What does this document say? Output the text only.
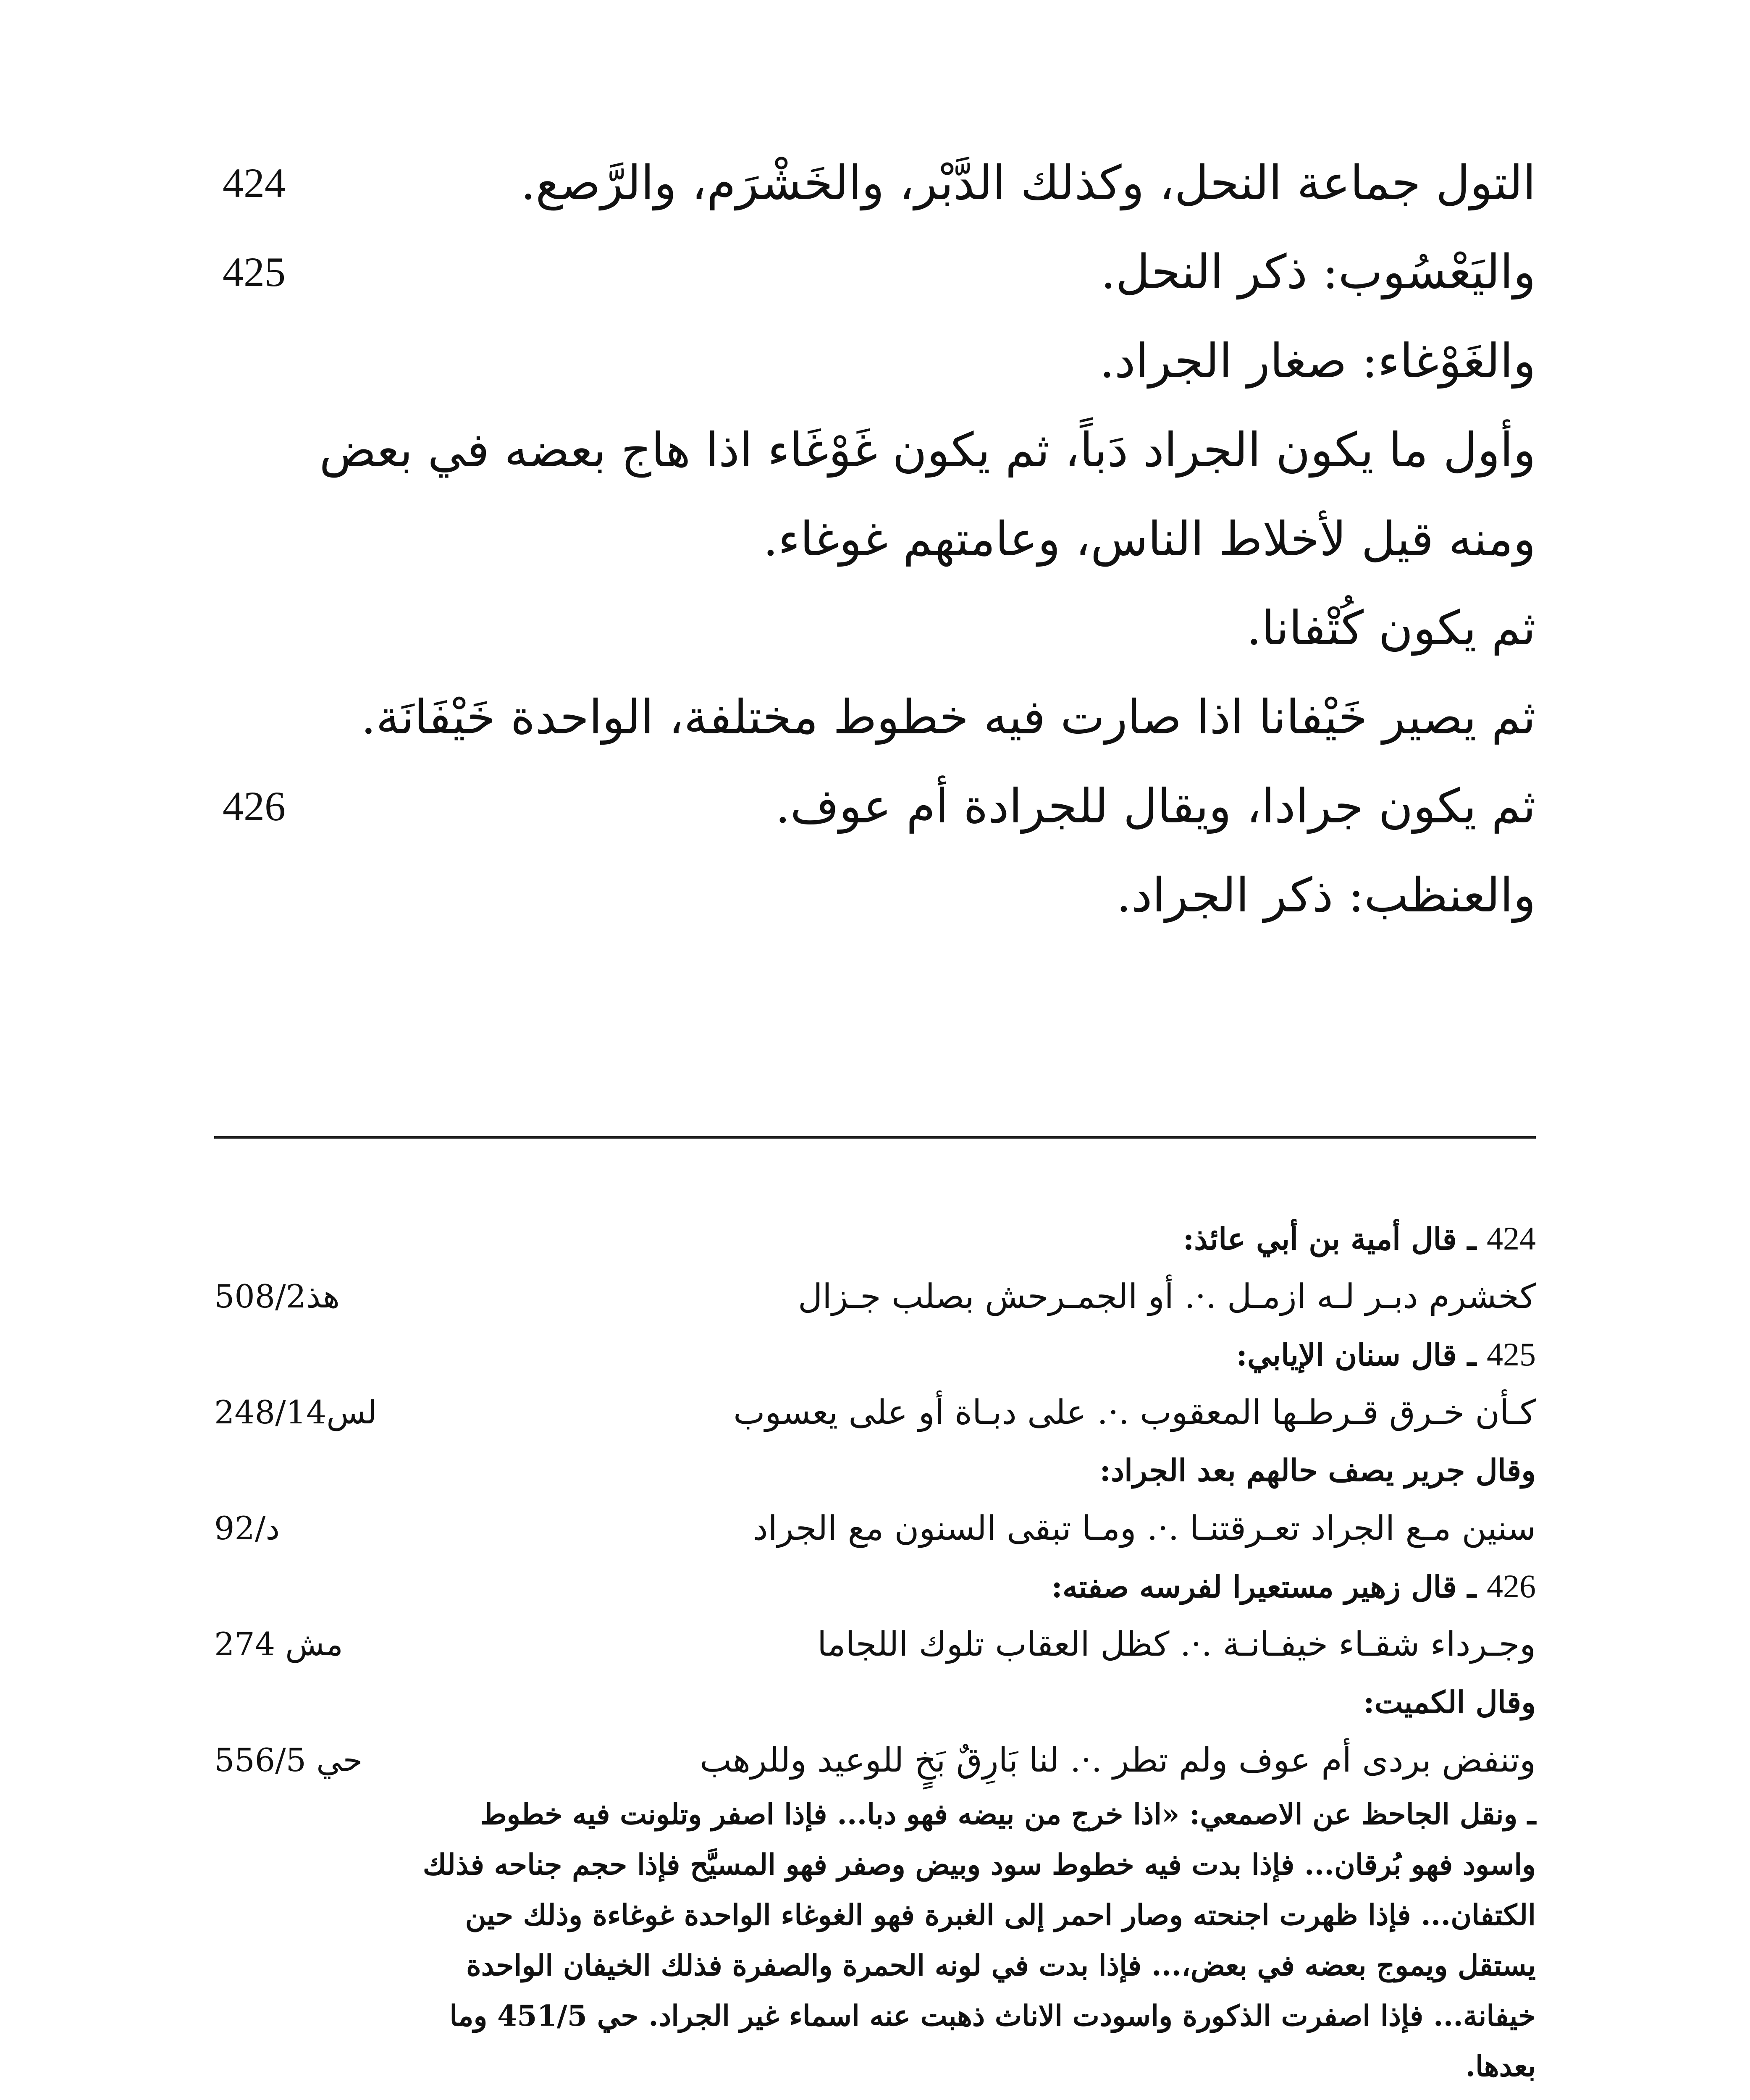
التول جماعة النحل، وكذلك الدَّبْر، والخَشْرَم، والرَّصع.
واليَعْسُوب: ذكر النحل.
والغَوْغاء: صغار الجراد.
وأول ما يكون الجراد دَباً، ثم يكون غَوْغَاء اذا هاج بعضه في بعض
ومنه قيل لأخلاط الناس، وعامتهم غوغاء.
ثم يكون كُتْفانا.
ثم يصير خَيْفانا اذا صارت فيه خطوط مختلفة، الواحدة خَيْفَانَة.
ثم يكون جرادا، ويقال للجرادة أم عوف.
والعنظب: ذكر الجراد.
424
425
426
424 ـ قال أمية بن أبي عائذ:
كخشرم دبـر لـه ازمـل .·. أو الجمـرحش بصلب جـزال
هذ508/2
425 ـ قال سنان الإيابي:
كـأن خـرق قـرطـها المعقوب .·. على دبـاة أو على يعسوب
لس248/14
وقال جرير يصف حالهم بعد الجراد:
سنين مـع الجراد تعـرقتنـا .·. ومـا تبقى السنون مع الجراد
د/92
426 ـ قال زهير مستعيرا لفرسه صفته:
وجـرداء شقـاء خيفـانـة .·. كظل العقاب تلوك اللجاما
مش 274
وقال الكميت:
وتنفض بردى أم عوف ولم تطر .·. لنا بَارِقٌ بَخٍ للوعيد وللرهب
حي 556/5
ـ ونقل الجاحظ عن الاصمعي: «اذا خرج من بيضه فهو دبا... فإذا اصفر وتلونت فيه خطوط
واسود فهو بُرقان... فإذا بدت فيه خطوط سود وبيض وصفر فهو المسيَّح فإذا حجم جناحه فذلك
الكتفان... فإذا ظهرت اجنحته وصار احمر إلى الغبرة فهو الغوغاء الواحدة غوغاءة وذلك حين
يستقل ويموج بعضه في بعض،... فإذا بدت في لونه الحمرة والصفرة فذلك الخيفان الواحدة
خيفانة... فإذا اصفرت الذكورة واسودت الاناث ذهبت عنه اسماء غير الجراد. حي 451/5 وما
بعدها.
